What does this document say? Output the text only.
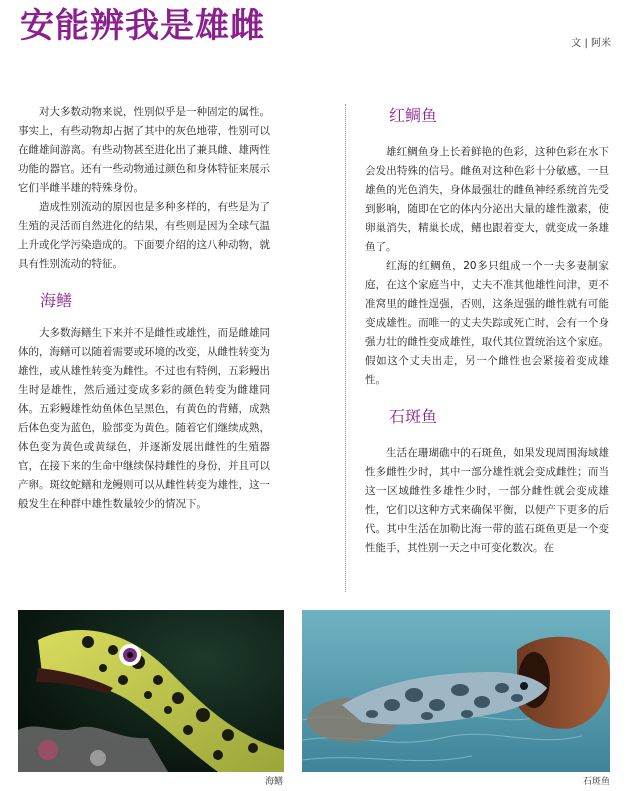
安能辨我是雄雌	文 | 阿米

对大多数动物来说，性别似乎是一种固定的属性。事实上，有些动物却占据了其中的灰色地带，性别可以在雌雄间游离。有些动物甚至进化出了兼具雌、雄两性功能的器官。还有一些动物通过颜色和身体特征来展示它们半雌半雄的特殊身份。

造成性别流动的原因也是多种多样的，有些是为了生殖的灵活而自然进化的结果，有些则是因为全球气温上升或化学污染造成的。下面要介绍的这八种动物，就具有性别流动的特征。

海鳝

大多数海鳝生下来并不是雌性或雄性，而是雌雄同体的，海鳝可以随着需要或环境的改变，从雌性转变为雄性，或从雄性转变为雌性。不过也有特例，五彩鳗出生时是雄性，然后通过变成多彩的颜色转变为雌雄同体。五彩鳗雄性幼鱼体色呈黑色，有黄色的背鳍，成熟后体色变为蓝色，脸部变为黄色。随着它们继续成熟，体色变为黄色或黄绿色，并逐渐发展出雌性的生殖器官，在接下来的生命中继续保持雌性的身份，并且可以产卵。斑纹蛇鳝和龙鳗则可以从雌性转变为雄性，这一般发生在种群中雄性数量较少的情况下。

红鲷鱼

雄红鲷鱼身上长着鲜艳的色彩，这种色彩在水下会发出特殊的信号。雌鱼对这种色彩十分敏感，一旦雄鱼的光色消失，身体最强壮的雌鱼神经系统首先受到影响，随即在它的体内分泌出大量的雄性激素，使卵巢消失，精巢长成，鳍也跟着变大，就变成一条雄鱼了。

红海的红鲷鱼，20多只组成一个一夫多妻制家庭，在这个家庭当中，丈夫不准其他雄性问津，更不准窝里的雌性逞强，否则，这条逞强的雌性就有可能变成雄性。而唯一的丈夫失踪或死亡时，会有一个身强力壮的雌性变成雄性，取代其位置统治这个家庭。假如这个丈夫出走，另一个雌性也会紧接着变成雄性。

石斑鱼

生活在珊瑚礁中的石斑鱼，如果发现周围海域雄性多雌性少时，其中一部分雄性就会变成雌性；而当这一区域雌性多雄性少时，一部分雌性就会变成雄性，它们以这种方式来确保平衡，以便产下更多的后代。其中生活在加勒比海一带的蓝石斑鱼更是一个变性能手，其性别一天之中可变化数次。在

海鳝	石斑鱼
